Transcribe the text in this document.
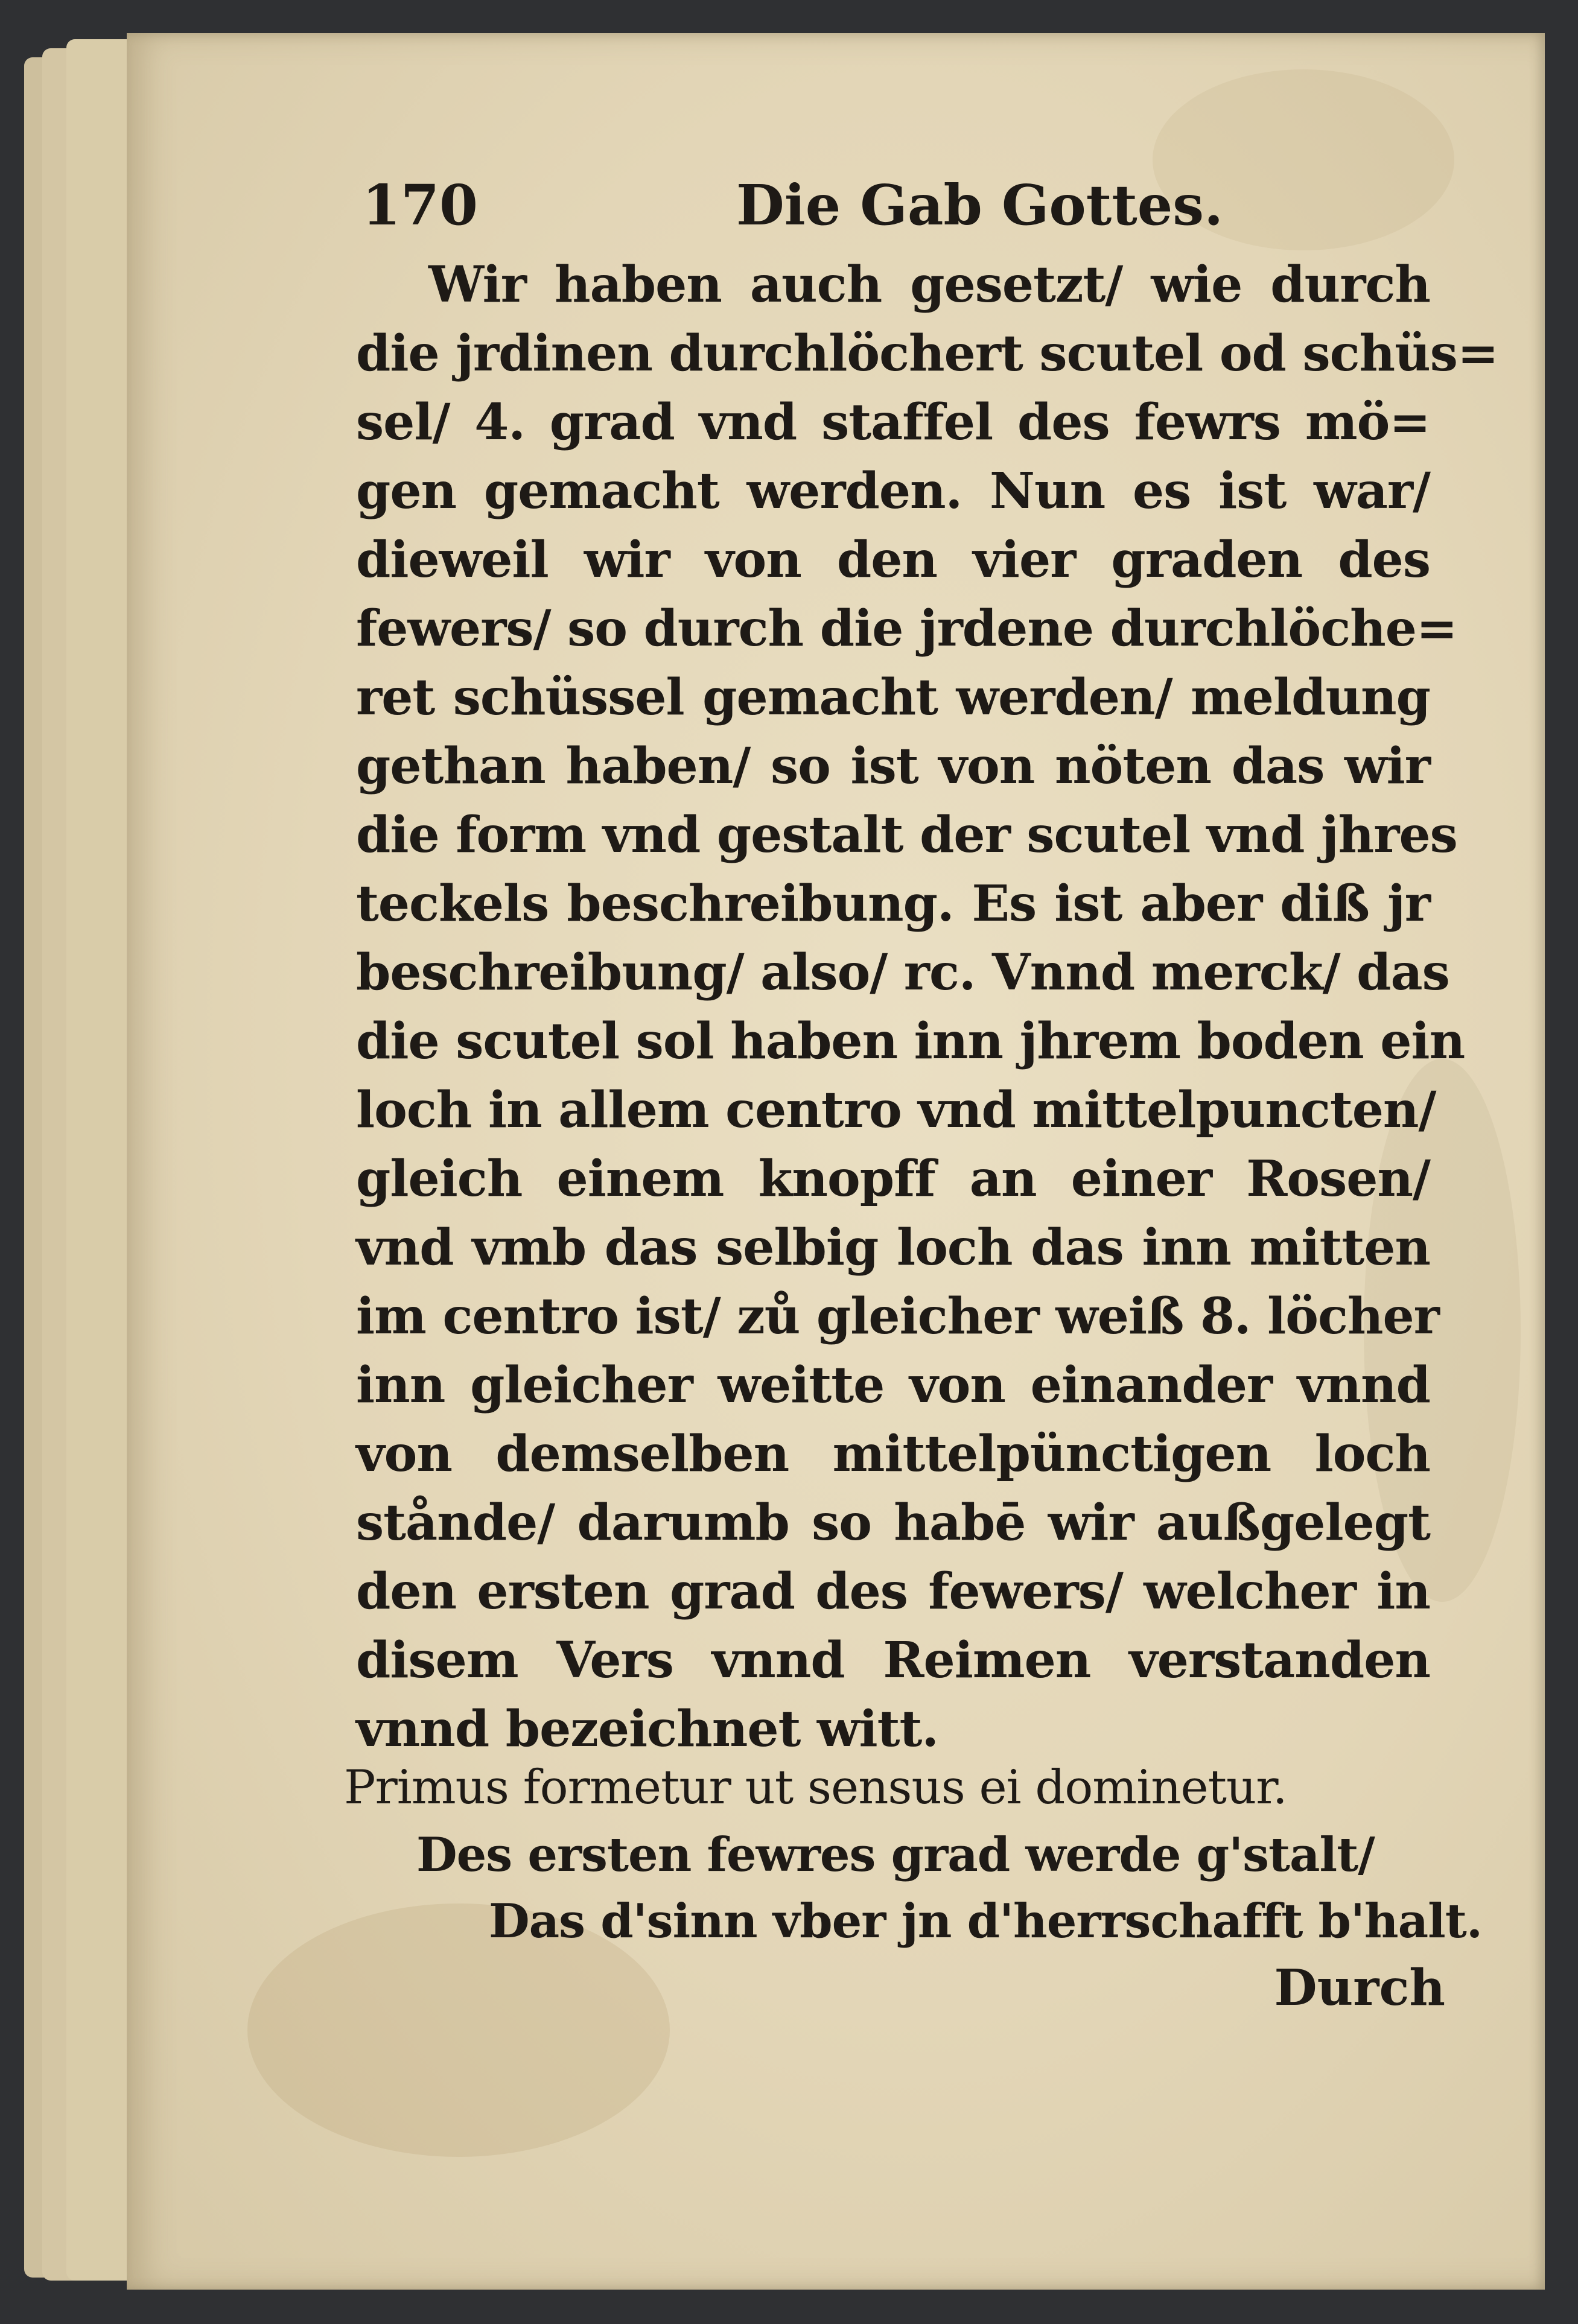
170	Die Gab Gottes.
Wir haben auch gesetzt/ wie durch
die jrdinen durchlöchert scutel od schüs=
sel/ 4. grad vnd staffel des fewrs mö=
gen gemacht werden. Nun es ist war/
dieweil wir von den vier graden des
fewers/ so durch die jrdene durchlöche=
ret schüssel gemacht werden/ meldung
gethan haben/ so ist von nöten das wir
die form vnd gestalt der scutel vnd jhres
teckels beschreibung. Es ist aber diß jr
beschreibung/ also/ rc. Vnnd merck/ das
die scutel sol haben inn jhrem boden ein
loch in allem centro vnd mittelpuncten/
gleich einem knopff an einer Rosen/
vnd vmb das selbig loch das inn mitten
im centro ist/ zů gleicher weiß 8. löcher
inn gleicher weitte von einander vnnd
von demselben mittelpünctigen loch
stånde/ darumb so habē wir außgelegt
den ersten grad des fewers/ welcher in
disem Vers vnnd Reimen verstanden
vnnd bezeichnet witt.
Primus formetur ut sensus ei dominetur.
Des ersten fewres grad werde g'stalt/
Das d'sinn vber jn d'herrschafft b'halt.
Durch
